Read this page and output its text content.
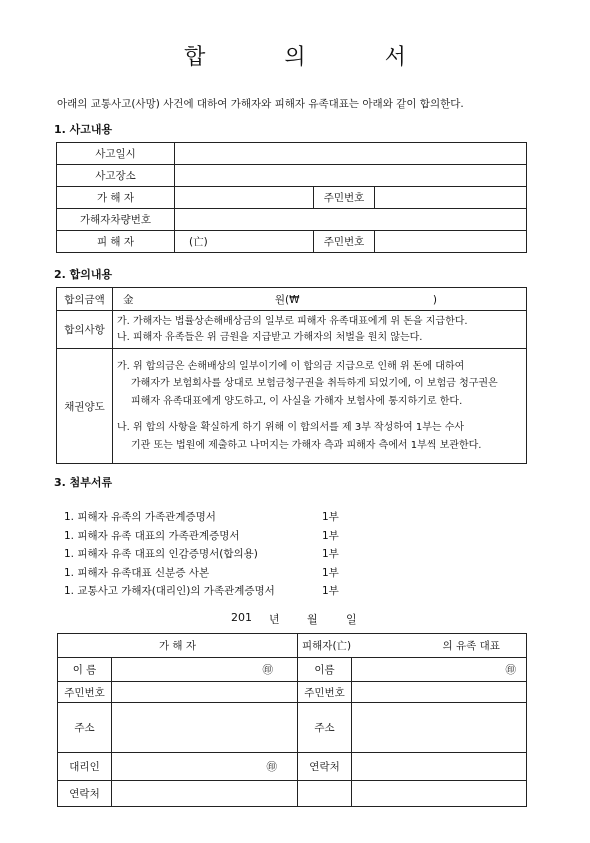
합 의 서
아래의 교통사고(사망) 사건에 대하여 가해자와 피해자 유족대표는 아래와 같이 합의한다.
1. 사고내용
사고일시			
사고장소			
가 해 자		주민번호	
가해자차량번호			
피 해 자	(亡)	주민번호	
2. 합의내용
합의금액	金 원(₩ )
합의사항	가. 가해자는 법률상손해배상금의 일부로 피해자 유족대표에게 위 돈을 지급한다.

나. 피해자 유족들은 위 금원을 지급받고 가해자의 처벌을 원치 않는다.

채권양도	가. 위 합의금은 손해배상의 일부이기에 이 합의금 지급으로 인해 위 돈에 대하여

가해자가 보험회사를 상대로 보험금청구권을 취득하게 되었기에, 이 보험금 청구권은

피해자 유족대표에게 양도하고, 이 사실을 가해자 보험사에 통지하기로 한다.

나. 위 합의 사항을 확실하게 하기 위해 이 합의서를 제 3부 작성하여 1부는 수사

기관 또는 법원에 제출하고 나머지는 가해자 측과 피해자 측에서 1부씩 보관한다.

3. 첨부서류
1. 피해자 유족의 가족관계증명서	1부
1. 피해자 유족 대표의 가족관계증명서	1부
1. 피해자 유족 대표의 인감증명서(합의용)	1부
1. 피해자 유족대표 신분증 사본	1부
1. 교통사고 가해자(대리인)의 가족관계증명서	1부
201 년 월	일
가 해 자		피해자(亡) 의 유족 대표	
이 름	㊞	이름	㊞
주민번호		주민번호	
주소		주소	
대리인	㊞	연락처	
연락처			
